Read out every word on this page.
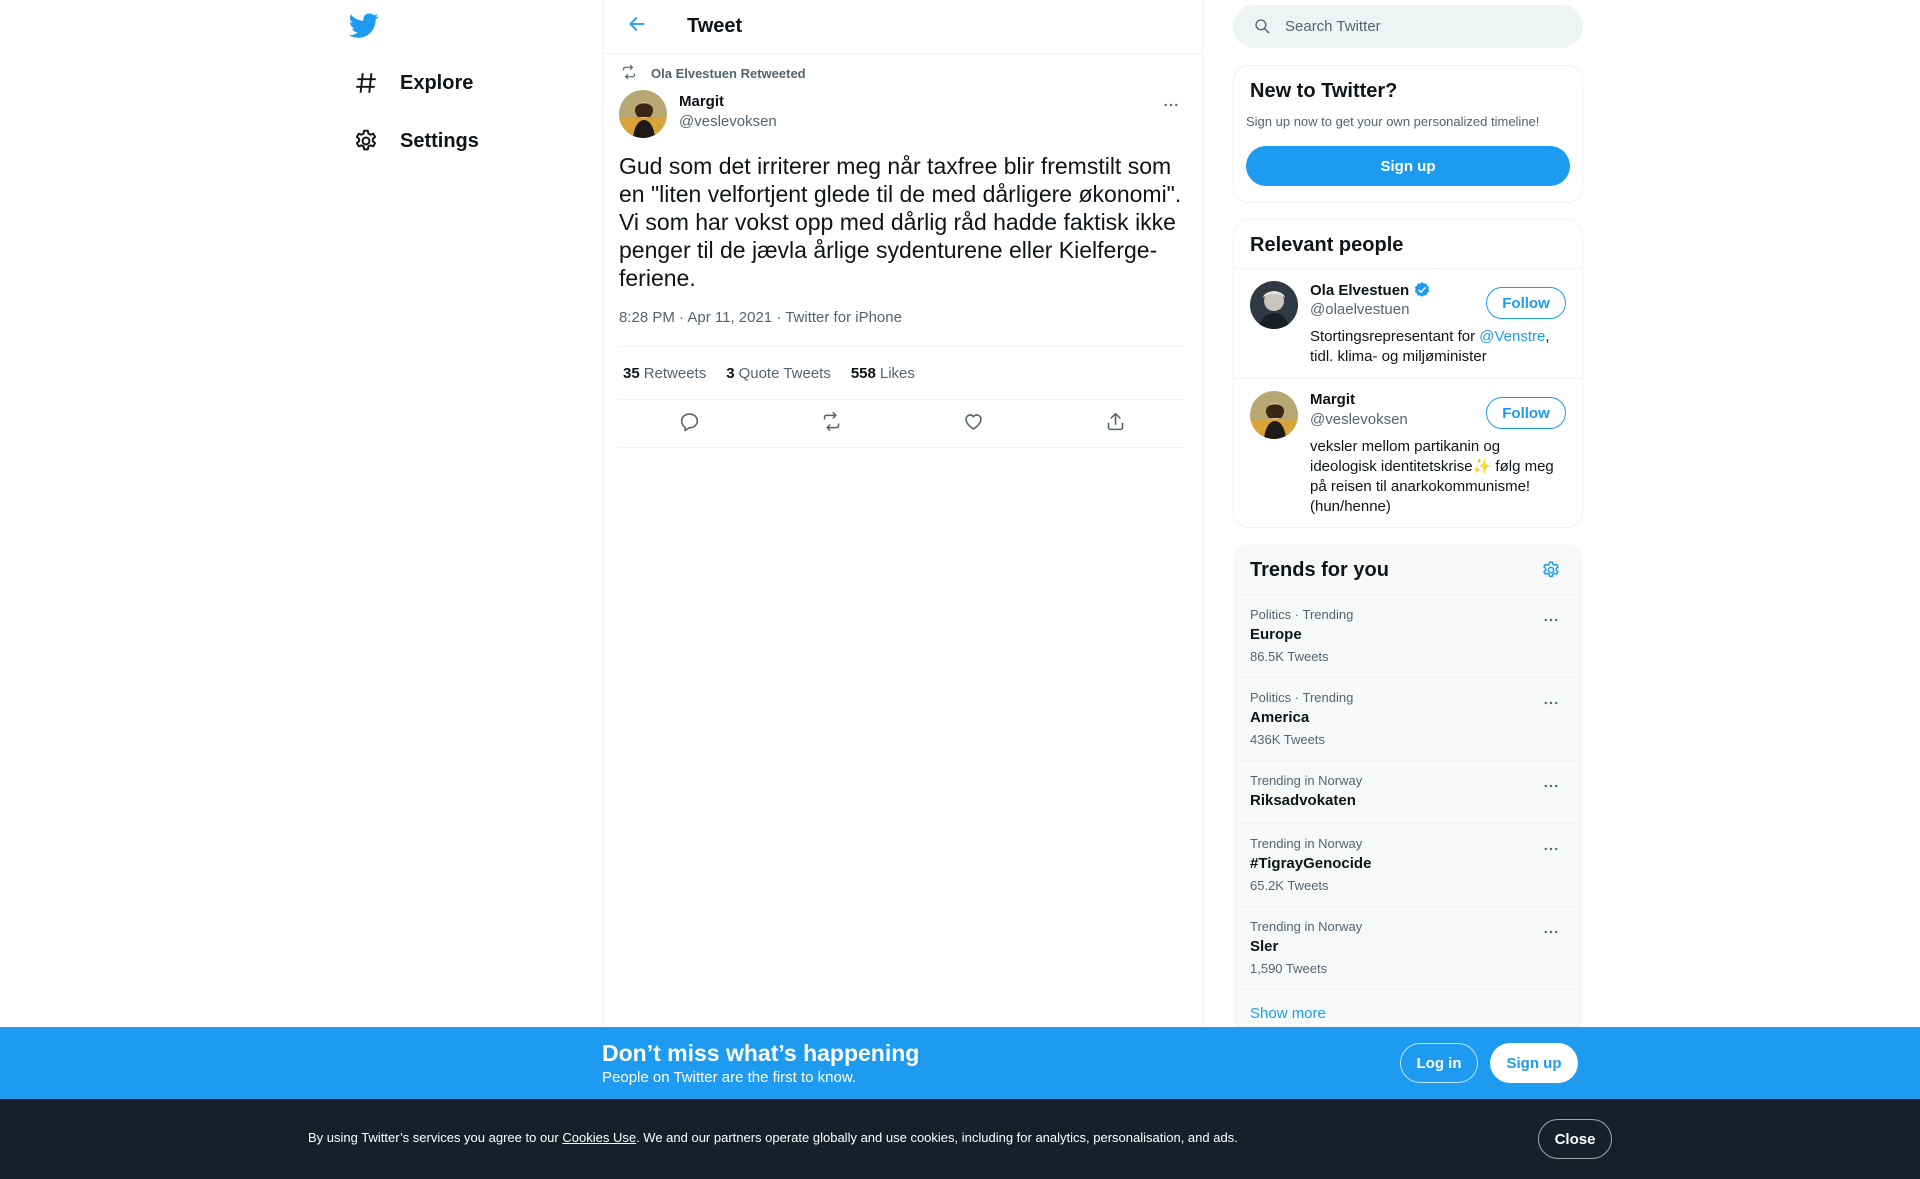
Explore
Settings
Tweet
Ola Elvestuen Retweeted
Margit
@veslevoksen
Gud som det irriterer meg når taxfree blir fremstilt som en "liten velfortjent glede til de med dårligere økonomi". Vi som har vokst opp med dårlig råd hadde faktisk ikke penger til de jævla årlige sydenturene eller Kielferge-feriene.
8:28 PM · Apr 11, 2021 · Twitter for iPhone
35 Retweets 3 Quote Tweets 558 Likes
Search Twitter
New to Twitter?

Sign up now to get your own personalized timeline!

Sign up
Relevant people
Ola Elvestuen
@olaelvestuen
Stortingsrepresentant for @Venstre, tidl. klima- og miljøminister
Follow
Margit
@veslevoksen
veksler mellom partikanin og ideologisk identitetskrise✨ følg meg på reisen til anarkokommunisme! (hun/henne)
Follow
Trends for you
Politics · Trending
Europe
86.5K Tweets
Politics · Trending
America
436K Tweets
Trending in Norway
Riksadvokaten
Trending in Norway
#TigrayGenocide
65.2K Tweets
Trending in Norway
Sler
1,590 Tweets
Show more
Don’t miss what’s happening
People on Twitter are the first to know.
Log in	Sign up
By using Twitter’s services you agree to our Cookies Use. We and our partners operate globally and use cookies, including for analytics, personalisation, and ads.	Close
